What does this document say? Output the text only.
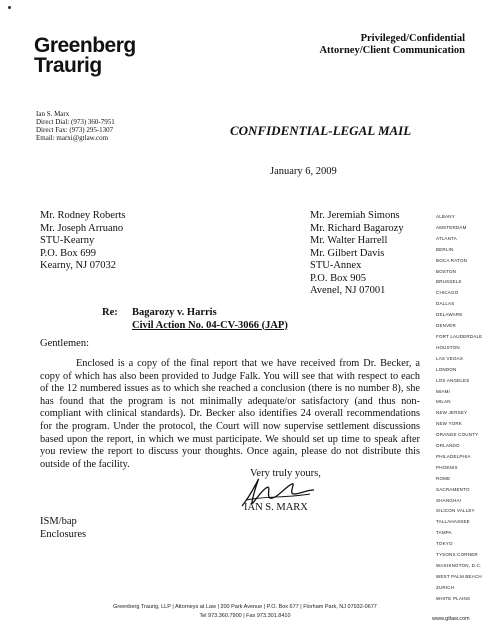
Greenberg
Traurig
Privileged/Confidential
Attorney/Client Communication
Ian S. Marx
Direct Dial: (973) 360-7951
Direct Fax: (973) 295-1307
Email: marxi@gtlaw.com	CONFIDENTIAL-LEGAL MAIL
January 6, 2009
Mr. Rodney Roberts
Mr. Joseph Arruano
STU-Kearny
P.O. Box 699
Kearny, NJ 07032
Mr. Jeremiah Simons
Mr. Richard Bagarozy
Mr. Walter Harrell
Mr. Gilbert Davis
STU-Annex
P.O. Box 905
Avenel, NJ 07001
ALBANY
AMSTERDAM
ATLANTA
BERLIN
BOCA RATON
BOSTON
BRUSSELS
CHICAGO
DALLAS
DELAWARE
DENVER
FORT LAUDERDALE
HOUSTON
LAS VEGAS
LONDON
LOS ANGELES
MIAMI
MILAN
NEW JERSEY
NEW YORK
ORANGE COUNTY
ORLANDO
PHILADELPHIA
PHOENIX
ROME
SACRAMENTO
SHANGHAI
SILICON VALLEY
TALLAHASSEE
TAMPA
TOKYO
TYSONS CORNER
WASHINGTON, D.C.
WEST PALM BEACH
ZURICH
WHITE PLAINS
Re: Bagarozy v. Harris
Civil Action No. 04-CV-3066 (JAP)
Gentlemen:
Enclosed is a copy of the final report that we have received from Dr. Becker, a copy of which has also been provided to Judge Falk. You will see that with respect to each of the 12 numbered issues as to which she reached a conclusion (there is no number 8), she has found that the program is not minimally adequate/or satisfactory (and thus non-compliant with clinical standards). Dr. Becker also identifies 24 overall recommendations for the program. Under the protocol, the Court will now supervise settlement discussions based upon the report, in which we must participate. We should set up time to speak after you review the report to discuss your thoughts. Once again, please do not distribute this outside of the facility.
Very truly yours,
IAN S. MARX
ISM/bap
Enclosures
Greenberg Traurig, LLP | Attorneys at Law | 200 Park Avenue | P.O. Box 677 | Florham Park, NJ 07932-0677
Tel 973.360.7900 | Fax 973.301.8410	www.gtlaw.com
